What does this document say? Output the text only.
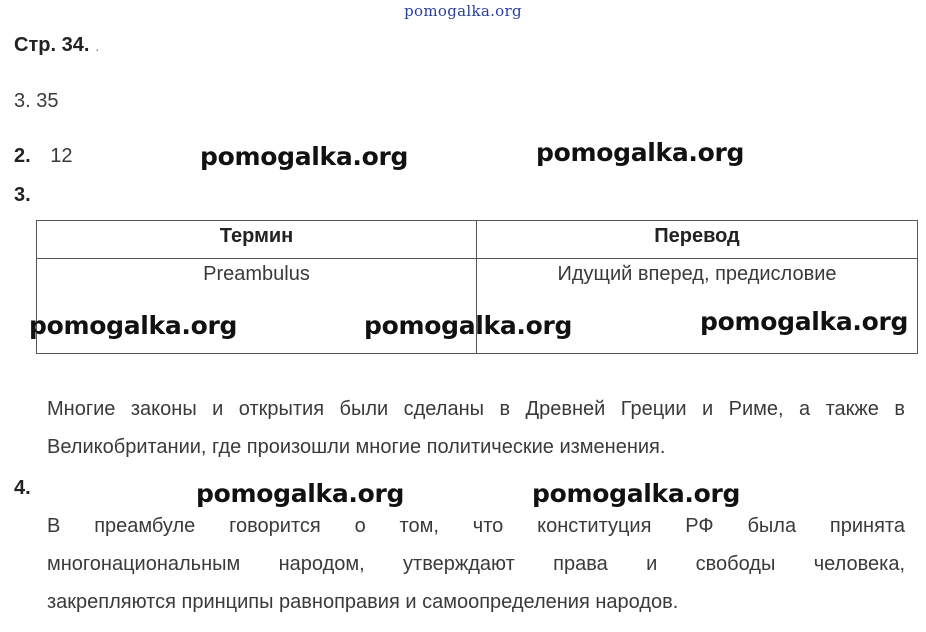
pomogalka.org
Стр. 34. .
3. 35
2. 12
3.
Термин	Перевод
Preambulus	Идущий вперед, предисловие
Многие законы и открытия были сделаны в Древней Греции и Риме, а также в
Великобритании, где произошли многие политические изменения.
4.
В преамбуле говорится о том, что конституция РФ была принята
многонациональным народом, утверждают права и свободы человека,
закрепляются принципы равноправия и самоопределения народов.
pomogalka.org	pomogalka.org
pomogalka.org	pomogalka.org	pomogalka.org
pomogalka.org	pomogalka.org
